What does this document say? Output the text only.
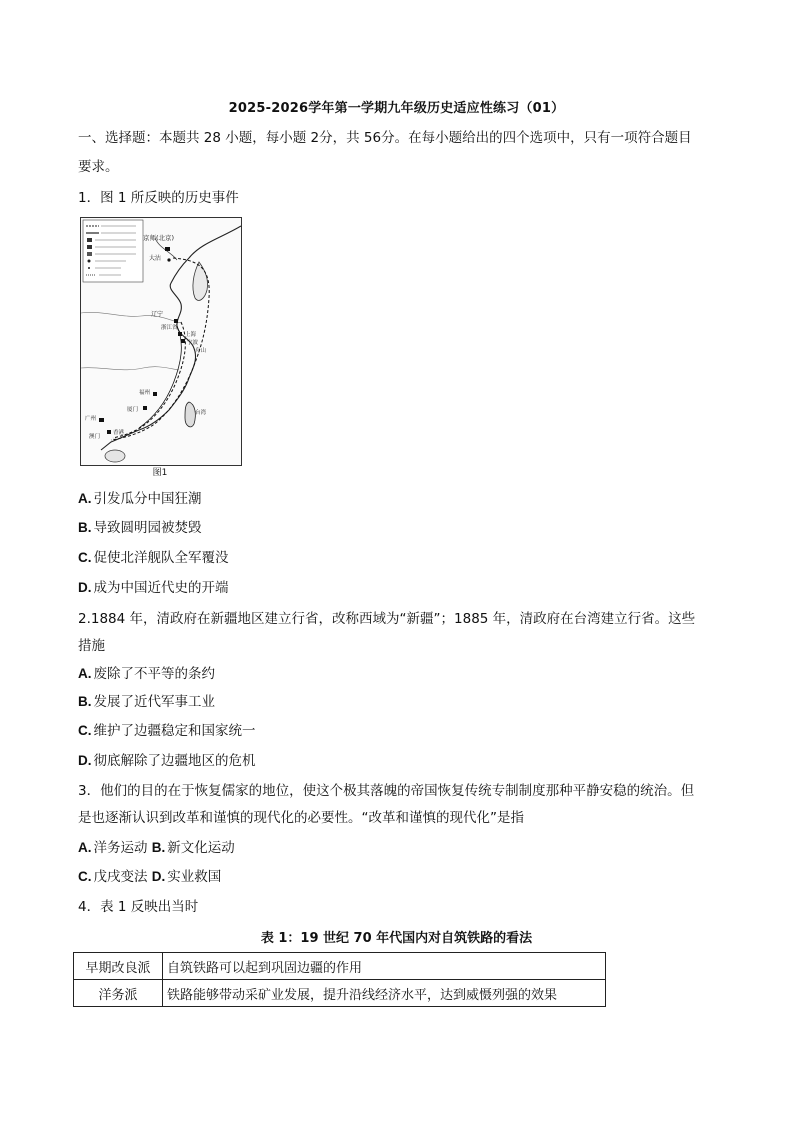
2025-2026学年第一学期九年级历史适应性练习（01）
一、选择题：本题共 28 小题，每小题 2分，共 56分。在每小题给出的四个选项中，只有一项符合题目
要求。
1．图 1 所反映的历史事件
京师(北京)
大沽
辽宁
浙江省
上海
宁波
舟山
福州
厦门	台湾
广州
香港
澳门
图1
A. 引发瓜分中国狂潮
B. 导致圆明园被焚毁
C. 促使北洋舰队全军覆没
D. 成为中国近代史的开端
2.1884 年，清政府在新疆地区建立行省，改称西域为“新疆”；1885 年，清政府在台湾建立行省。这些
措施
A. 废除了不平等的条约
B. 发展了近代军事工业
C. 维护了边疆稳定和国家统一
D. 彻底解除了边疆地区的危机
3．他们的目的在于恢复儒家的地位，使这个极其落魄的帝国恢复传统专制制度那种平静安稳的统治。但
是也逐渐认识到改革和谨慎的现代化的必要性。“改革和谨慎的现代化”是指
A. 洋务运动 B. 新文化运动
C. 戊戌变法 D. 实业救国
4．表 1 反映出当时
表 1：19 世纪 70 年代国内对自筑铁路的看法
早期改良派	自筑铁路可以起到巩固边疆的作用
洋务派	铁路能够带动采矿业发展，提升沿线经济水平，达到威慑列强的效果
